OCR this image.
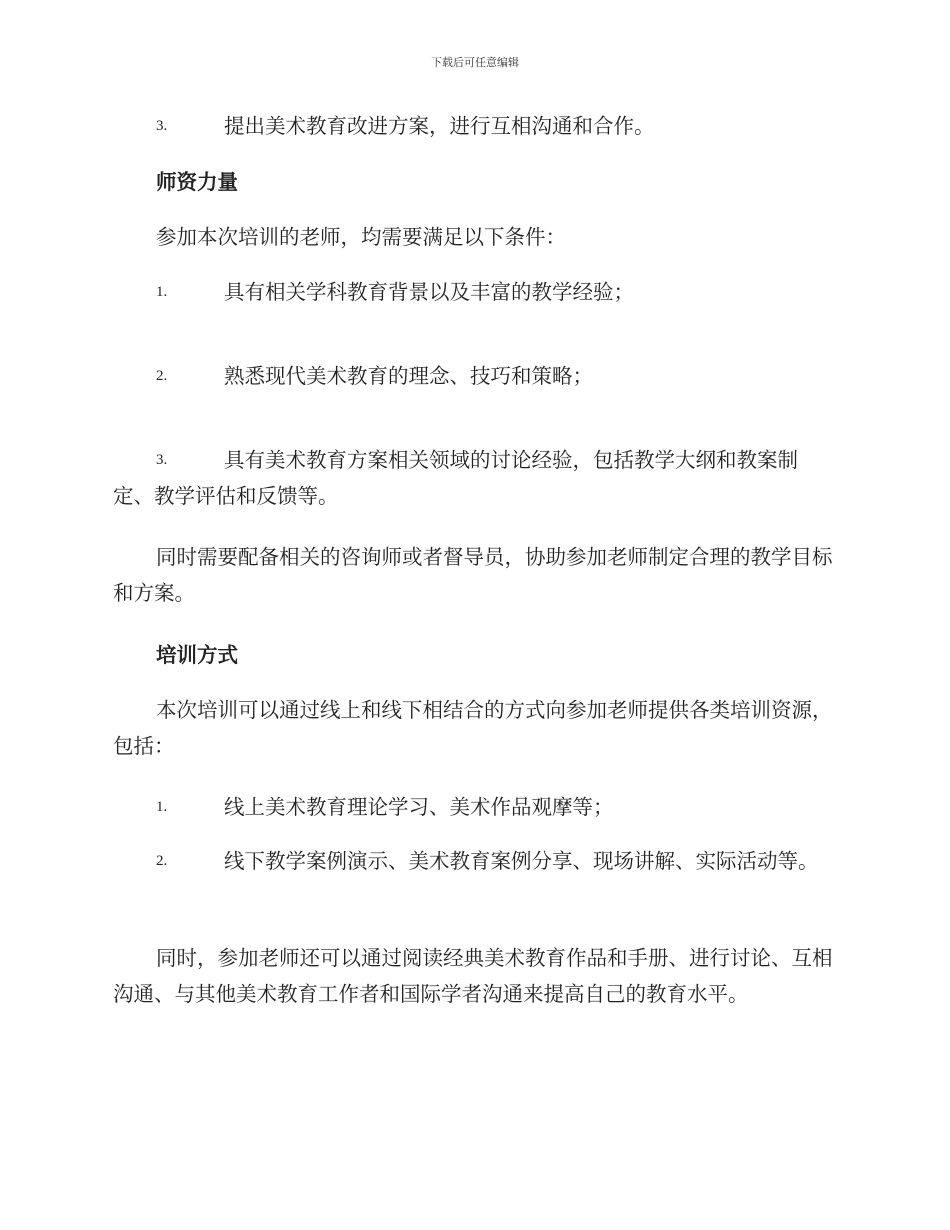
下载后可任意编辑
3.	提出美术教育改进方案，进行互相沟通和合作。
师资力量
参加本次培训的老师，均需要满足以下条件：
1.	具有相关学科教育背景以及丰富的教学经验；
2.	熟悉现代美术教育的理念、技巧和策略；
3.	具有美术教育方案相关领域的讨论经验，包括教学大纲和教案制定、教学评估和反馈等。
同时需要配备相关的咨询师或者督导员，协助参加老师制定合理的教学目标和方案。
培训方式
本次培训可以通过线上和线下相结合的方式向参加老师提供各类培训资源，包括：
1.	线上美术教育理论学习、美术作品观摩等；
2.	线下教学案例演示、美术教育案例分享、现场讲解、实际活动等。
同时，参加老师还可以通过阅读经典美术教育作品和手册、进行讨论、互相沟通、与其他美术教育工作者和国际学者沟通来提高自己的教育水平。
